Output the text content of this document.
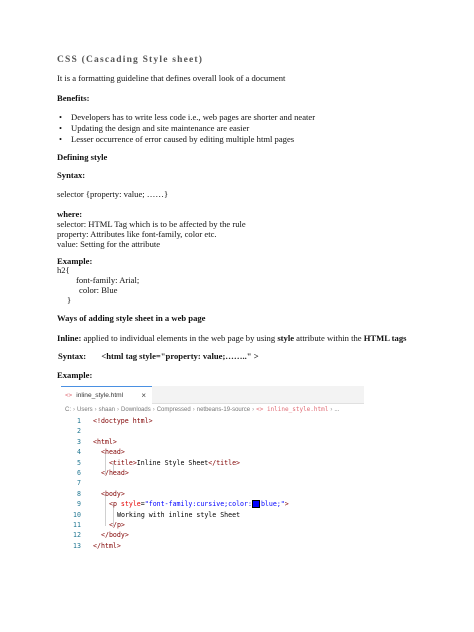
CSS (Cascading Style sheet)
It is a formatting guideline that defines overall look of a document
Benefits:
• Developers has to write less code i.e., web pages are shorter and neater
• Updating the design and site maintenance are easier
• Lesser occurrence of error caused by editing multiple html pages
Defining style
Syntax:
selector {property: value; ……}
where:
selector: HTML Tag which is to be affected by the rule
property: Attributes like font-family, color etc.
value: Setting for the attribute
Example:
h2{
font-family: Arial;
color: Blue
}
Ways of adding style sheet in a web page
Inline: applied to individual elements in the web page by using style attribute within the HTML tags
Syntax: <html tag style="property: value;…….." >
Example:
<> inline_style.html ×
C: › Users › shaan › Downloads › Compressed › netbeans-19-source › <> inline_style.html › ...
1 <!doctype html>
2
3 <html>
4	<head>
5	<title>Inline Style Sheet</title>
6	</head>
7
8	<body>
9	<p style="font-family:cursive;color: blue;">
10	Working with inline style Sheet
11	</p>
12	</body>
13 </html>
